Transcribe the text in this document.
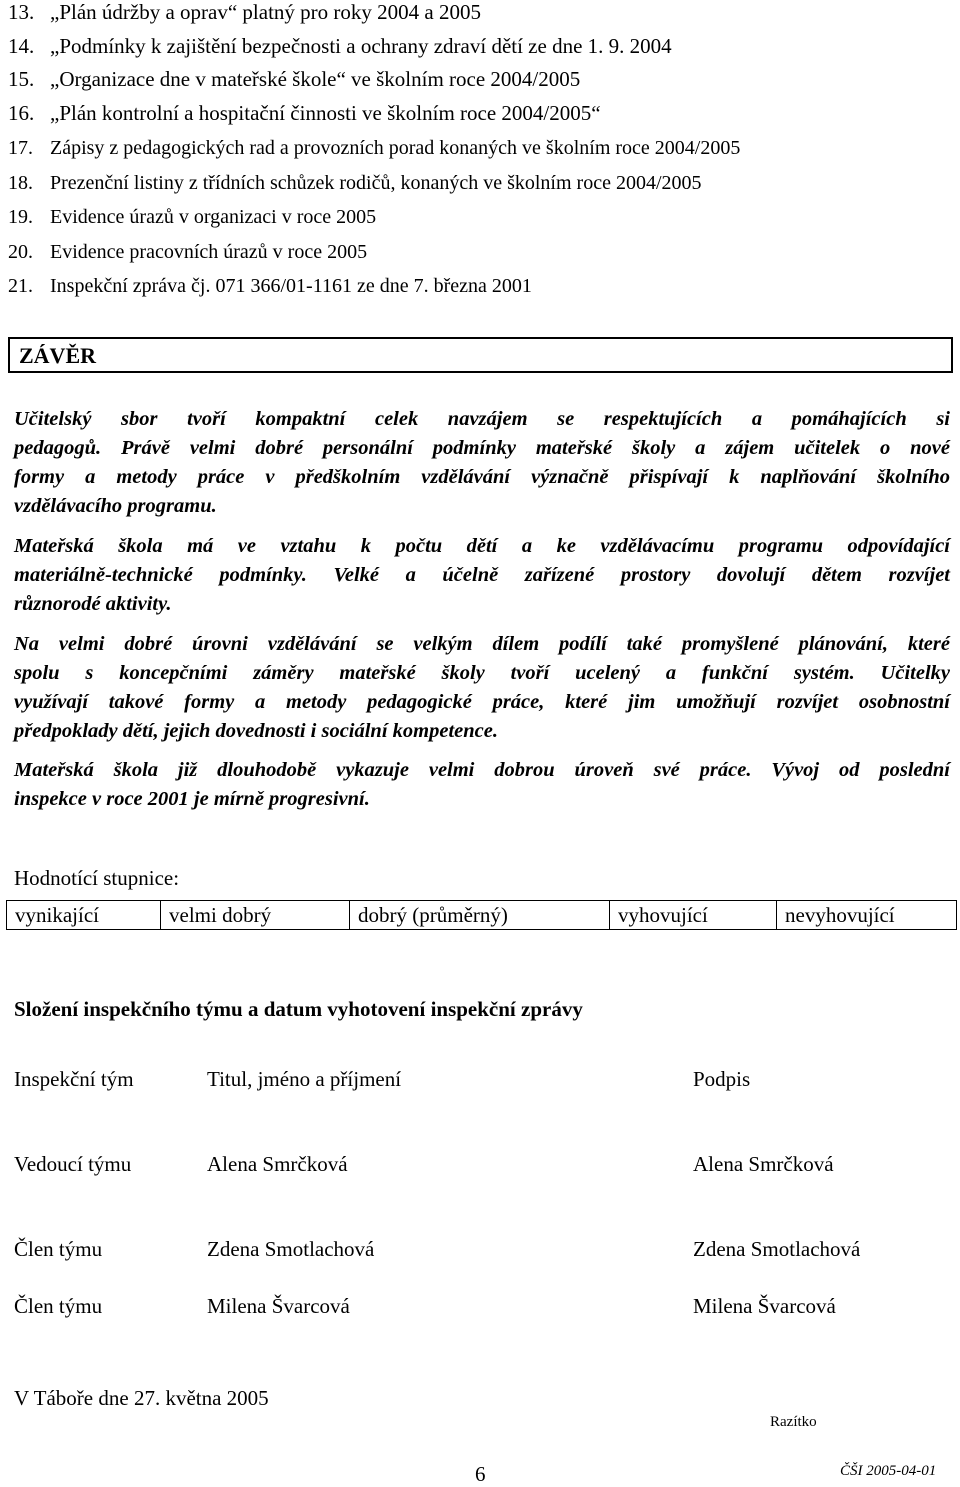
13. „Plán údržby a oprav“ platný pro roky 2004 a 2005
14. „Podmínky k zajištění bezpečnosti a ochrany zdraví dětí ze dne 1. 9. 2004
15. „Organizace dne v mateřské škole“ ve školním roce 2004/2005
16. „Plán kontrolní a hospitační činnosti ve školním roce 2004/2005“
17. Zápisy z pedagogických rad a provozních porad konaných ve školním roce 2004/2005
18. Prezenční listiny z třídních schůzek rodičů, konaných ve školním roce 2004/2005
19. Evidence úrazů v organizaci v roce 2005
20. Evidence pracovních úrazů v roce 2005
21. Inspekční zpráva čj. 071 366/01-1161 ze dne 7. března 2001
ZÁVĚR
Učitelský sbor tvoří kompaktní celek navzájem se respektujících a pomáhajících si
pedagogů. Právě velmi dobré personální podmínky mateřské školy a zájem učitelek o nové
formy a metody práce v předškolním vzdělávání význačně přispívají k naplňování školního
vzdělávacího programu.
Mateřská škola má ve vztahu k počtu dětí a ke vzdělávacímu programu odpovídající
materiálně-technické podmínky. Velké a účelně zařízené prostory dovolují dětem rozvíjet
různorodé aktivity.
Na velmi dobré úrovni vzdělávání se velkým dílem podílí také promyšlené plánování, které
spolu s koncepčními záměry mateřské školy tvoří ucelený a funkční systém. Učitelky
využívají takové formy a metody pedagogické práce, které jim umožňují rozvíjet osobnostní
předpoklady dětí, jejich dovednosti i sociální kompetence.
Mateřská škola již dlouhodobě vykazuje velmi dobrou úroveň své práce. Vývoj od poslední
inspekce v roce 2001 je mírně progresivní.
Hodnotící stupnice:
vynikající	velmi dobrý	dobrý (průměrný)	vyhovující	nevyhovující
Složení inspekčního týmu a datum vyhotovení inspekční zprávy
Inspekční tým	Titul, jméno a příjmení	Podpis
Vedoucí týmu	Alena Smrčková	Alena Smrčková
Člen týmu	Zdena Smotlachová	Zdena Smotlachová
Člen týmu	Milena Švarcová	Milena Švarcová
V Táboře dne 27. května 2005
Razítko
6	ČŠI 2005-04-01
